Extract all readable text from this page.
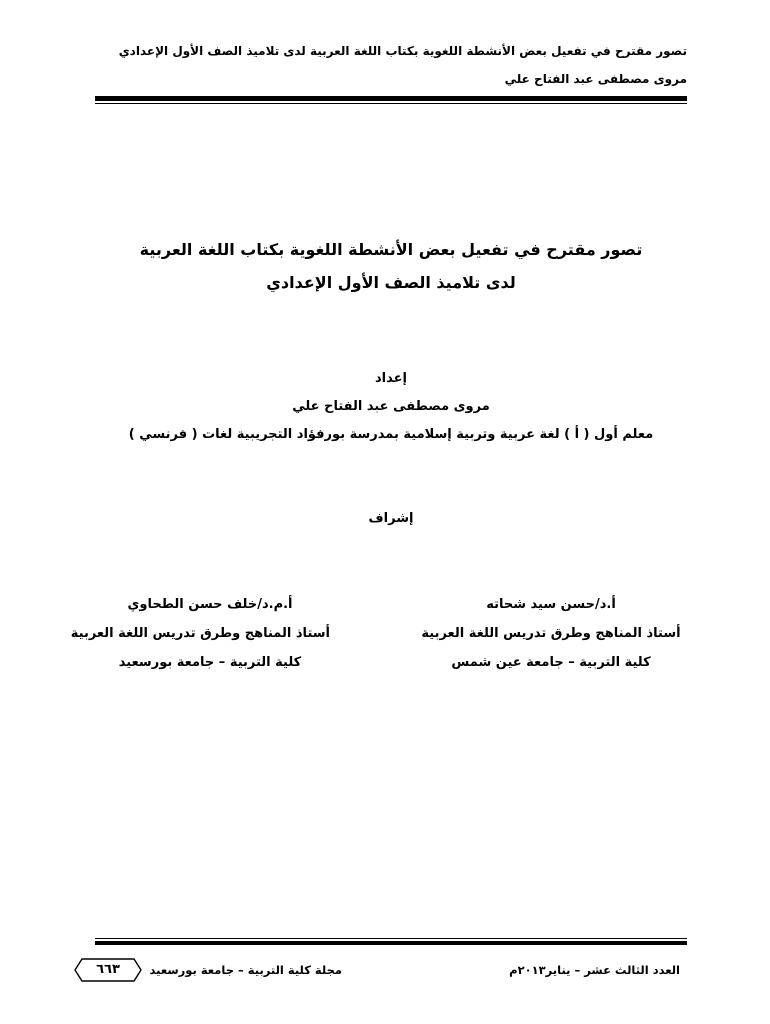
تصور مقترح في تفعيل بعض الأنشطة اللغوية بكتاب اللغة العربية لدى تلاميذ الصف الأول الإعدادي
مروى مصطفى عبد الفتاح علي
تصور مقترح في تفعيل بعض الأنشطة اللغوية بكتاب اللغة العربية
لدى تلاميذ الصف الأول الإعدادي
إعداد
مروى مصطفى عبد الفتاح علي
معلم أول ( أ ) لغة عربية وتربية إسلامية بمدرسة بورفؤاد التجريبية لغات ( فرنسي )
إشراف
أ.د/حسن سيد شحاته
أستاذ المناهج وطرق تدريس اللغة العربية
كلية التربية – جامعة عين شمس
أ.م.د/خلف حسن الطحاوي
أستاذ المناهج وطرق تدريس اللغة العربية
كلية التربية – جامعة بورسعيد
العدد الثالث عشر – يناير٢٠١٣م
مجلة كلية التربية – جامعة بورسعيد
٦٦٣
